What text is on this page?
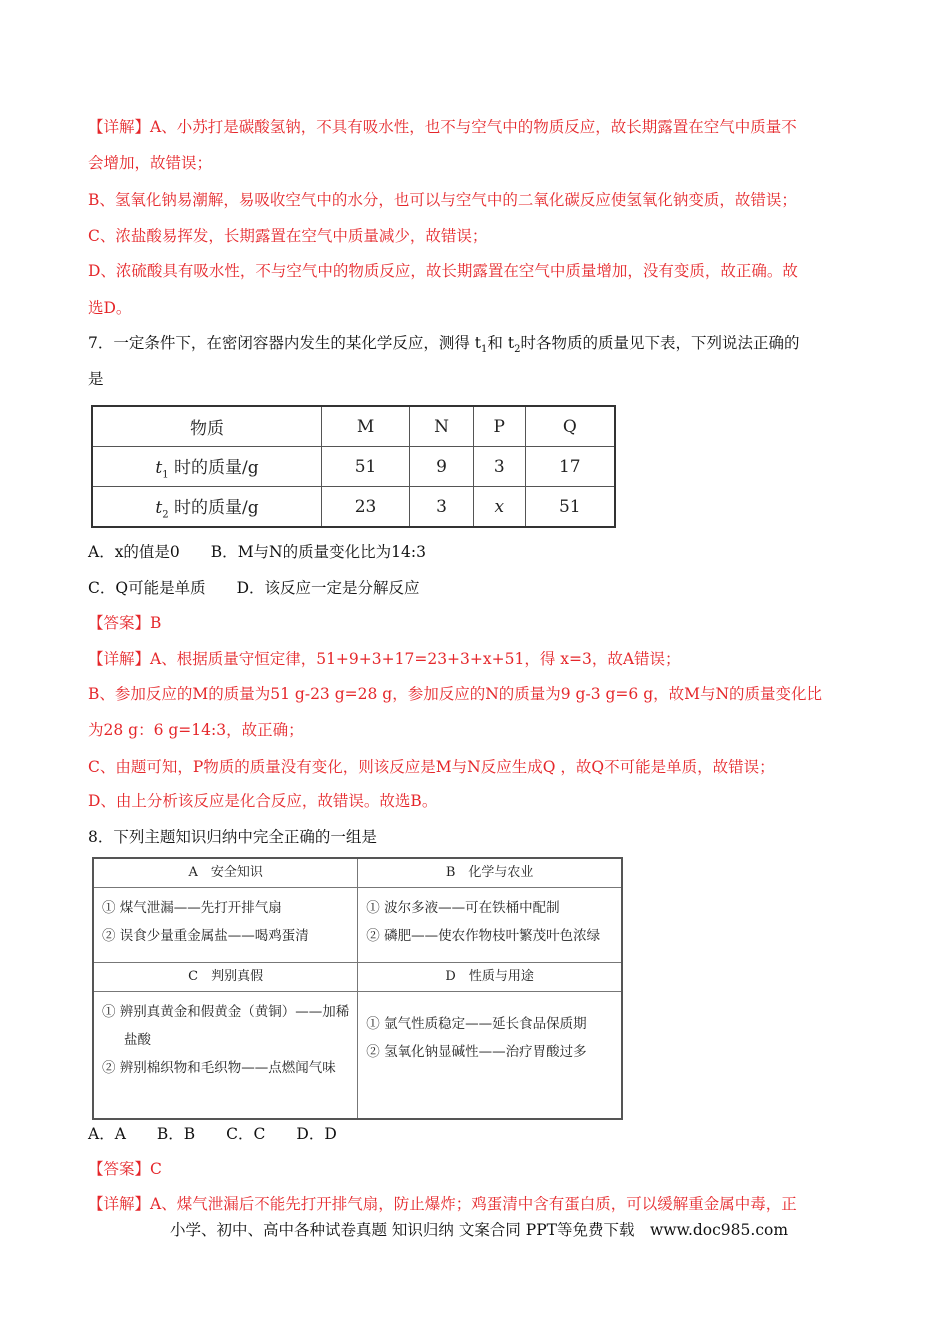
【详解】A、小苏打是碳酸氢钠，不具有吸水性，也不与空气中的物质反应，故长期露置在空气中质量不
会增加，故错误；
B、氢氧化钠易潮解，易吸收空气中的水分，也可以与空气中的二氧化碳反应使氢氧化钠变质，故错误；
C、浓盐酸易挥发，长期露置在空气中质量减少，故错误；
D、浓硫酸具有吸水性，不与空气中的物质反应，故长期露置在空气中质量增加，没有变质，故正确。故
选D。
7．一定条件下，在密闭容器内发生的某化学反应，测得 $t_1$和 $t_2$时各物质的质量见下表，下列说法正确的
是
物质	M	N	P	Q
$t_1$ 时的质量/g	51	9	3	17
$t_2$ 时的质量/g	23	3	x	51
A．x的值是0　　B．M与N的质量变化比为14:3
C．Q可能是单质　　D．该反应一定是分解反应
【答案】B
【详解】A、根据质量守恒定律，51+9+3+17=23+3+x+51，得 x=3，故A错误；
B、参加反应的M的质量为51 g-23 g=28 g，参加反应的N的质量为9 g-3 g=6 g，故M与N的质量变化比
为28 g：6 g=14:3，故正确；
C、由题可知，P物质的质量没有变化，则该反应是M与N反应生成Q ，故Q不可能是单质，故错误；
D、由上分析该反应是化合反应，故错误。故选B。
8．下列主题知识归纳中完全正确的一组是
A　安全知识	B　化学与农业

① 煤气泄漏——先打开排气扇
② 误食少量重金属盐——喝鸡蛋清	① 波尔多液——可在铁桶中配制
② 磷肥——使农作物枝叶繁茂叶色浓绿

C　判别真假	D　性质与用途

① 辨别真黄金和假黄金（黄铜）——加稀
盐酸
② 辨别棉织物和毛织物——点燃闻气味	① 氩气性质稳定——延长食品保质期
② 氢氧化钠显碱性——治疗胃酸过多
A．A　　B．B　　C．C　　D．D
【答案】C
【详解】A、煤气泄漏后不能先打开排气扇，防止爆炸；鸡蛋清中含有蛋白质，可以缓解重金属中毒，正
小学、初中、高中各种试卷真题 知识归纳 文案合同 PPT等免费下载　www.doc985.com
